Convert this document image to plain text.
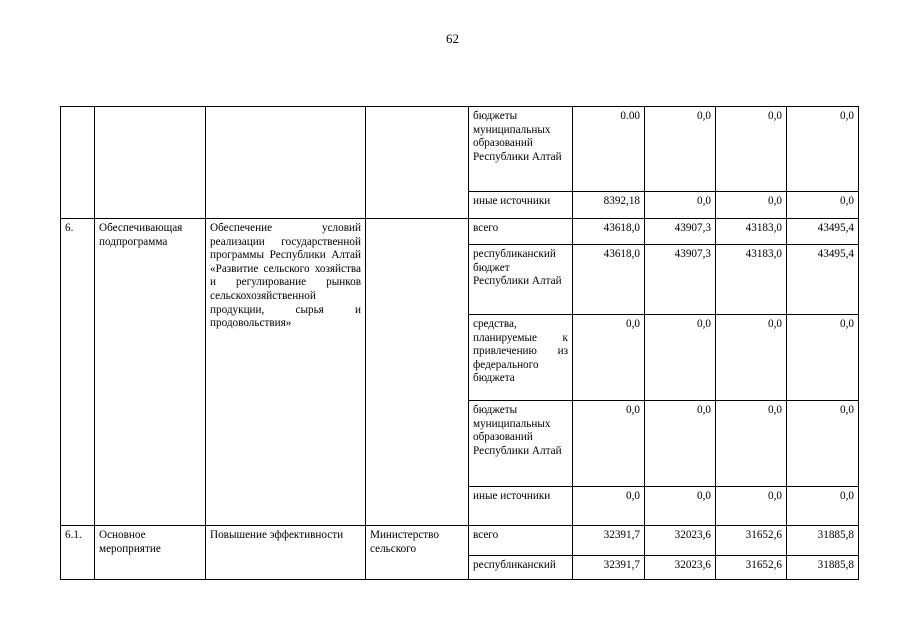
62
				бюджеты муниципальных образований Республики Алтай	0.00	0,0	0,0	0,0
				иные источники	8392,18	0,0	0,0	0,0
6.	Обеспечивающая подпрограмма	Обеспечение условий реализации государственной программы Республики Алтай «Развитие сельского хозяйства и регулирование рынков сельскохозяйственной продукции, сырья и продовольствия»		всего	43618,0	43907,3	43183,0	43495,4
				республиканский бюджет Республики Алтай	43618,0	43907,3	43183,0	43495,4
				средства, планируемые к привлечению из федерального бюджета	0,0	0,0	0,0	0,0
				бюджеты муниципальных образований Республики Алтай	0,0	0,0	0,0	0,0
				иные источники	0,0	0,0	0,0	0,0
6.1.	Основное мероприятие	Повышение эффективности	Министерство сельского	всего	32391,7	32023,6	31652,6	31885,8
				республиканский	32391,7	32023,6	31652,6	31885,8
